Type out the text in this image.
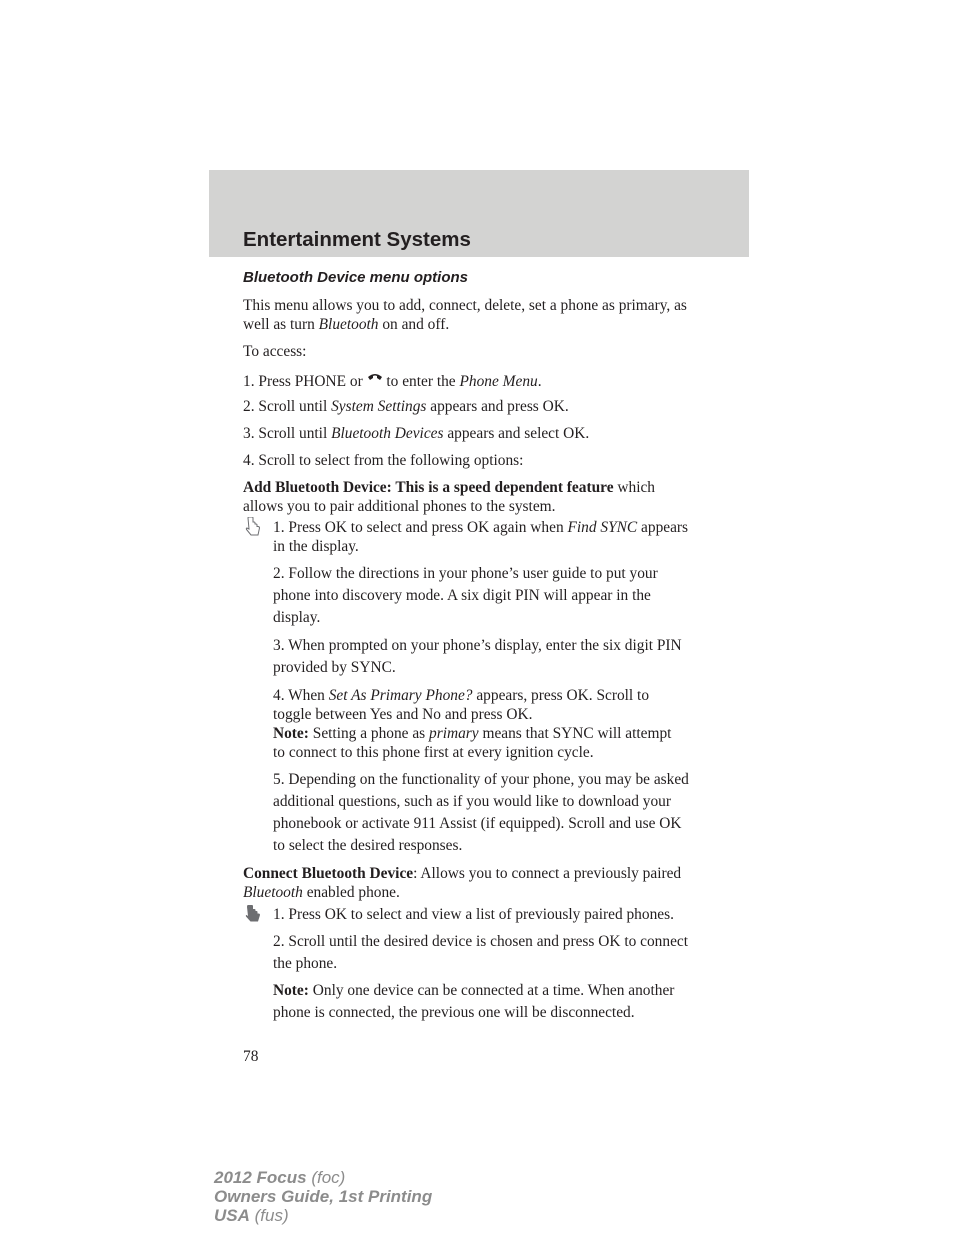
Entertainment Systems

Bluetooth Device menu options

This menu allows you to add, connect, delete, set a phone as primary, as

well as turn Bluetooth on and off.

To access:

1. Press PHONE or  to enter the Phone Menu.

2. Scroll until System Settings appears and press OK.

3. Scroll until Bluetooth Devices appears and select OK.

4. Scroll to select from the following options:

Add Bluetooth Device: This is a speed dependent feature which

allows you to pair additional phones to the system.

1. Press OK to select and press OK again when Find SYNC appears

in the display.

2. Follow the directions in your phone’s user guide to put your

phone into discovery mode. A six digit PIN will appear in the

display.

3. When prompted on your phone’s display, enter the six digit PIN

provided by SYNC.

4. When Set As Primary Phone? appears, press OK. Scroll to

toggle between Yes and No and press OK.

Note: Setting a phone as primary means that SYNC will attempt

to connect to this phone first at every ignition cycle.

5. Depending on the functionality of your phone, you may be asked

additional questions, such as if you would like to download your

phonebook or activate 911 Assist (if equipped). Scroll and use OK

to select the desired responses.

Connect Bluetooth Device: Allows you to connect a previously paired

Bluetooth enabled phone.

1. Press OK to select and view a list of previously paired phones.

2. Scroll until the desired device is chosen and press OK to connect

the phone.

Note: Only one device can be connected at a time. When another

phone is connected, the previous one will be disconnected.

78

2012 Focus (foc)
Owners Guide, 1st Printing
USA (fus)
